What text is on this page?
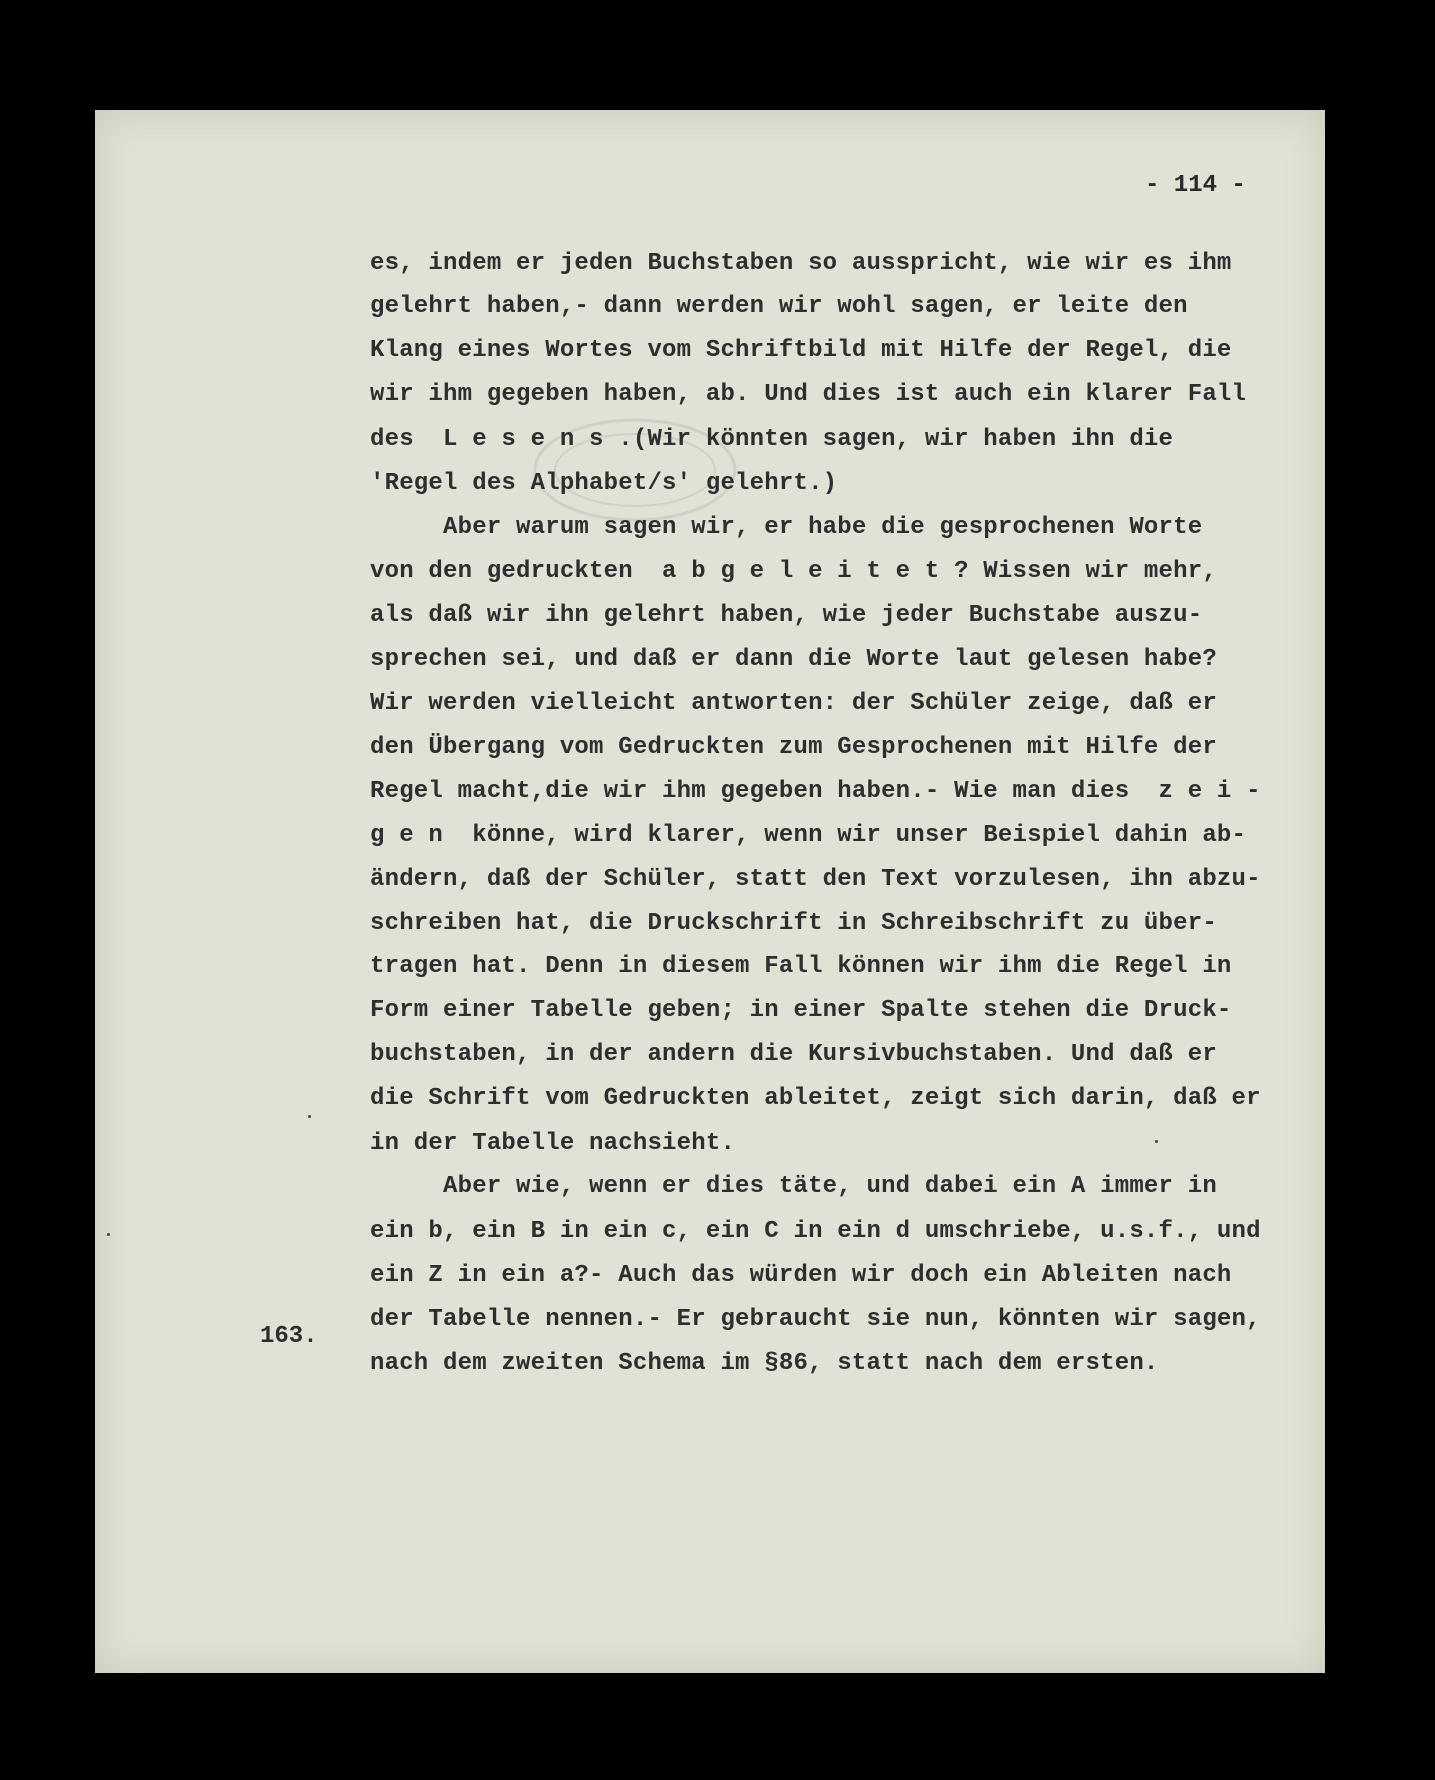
- 114 -
163.
es, indem er jeden Buchstaben so ausspricht, wie wir es ihm
gelehrt haben,- dann werden wir wohl sagen, er leite den
Klang eines Wortes vom Schriftbild mit Hilfe der Regel, die
wir ihm gegeben haben, ab. Und dies ist auch ein klarer Fall
des  L e s e n s .(Wir könnten sagen, wir haben ihn die
'Regel des Alphabet/s' gelehrt.)
Aber warum sagen wir, er habe die gesprochenen Worte
von den gedruckten  a b g e l e i t e t ? Wissen wir mehr,
als daß wir ihn gelehrt haben, wie jeder Buchstabe auszu-
sprechen sei, und daß er dann die Worte laut gelesen habe?
Wir werden vielleicht antworten: der Schüler zeige, daß er
den Übergang vom Gedruckten zum Gesprochenen mit Hilfe der
Regel macht,die wir ihm gegeben haben.- Wie man dies  z e i -
g e n  könne, wird klarer, wenn wir unser Beispiel dahin ab-
ändern, daß der Schüler, statt den Text vorzulesen, ihn abzu-
schreiben hat, die Druckschrift in Schreibschrift zu über-
tragen hat. Denn in diesem Fall können wir ihm die Regel in
Form einer Tabelle geben; in einer Spalte stehen die Druck-
buchstaben, in der andern die Kursivbuchstaben. Und daß er
die Schrift vom Gedruckten ableitet, zeigt sich darin, daß er
in der Tabelle nachsieht.
Aber wie, wenn er dies täte, und dabei ein A immer in
ein b, ein B in ein c, ein C in ein d umschriebe, u.s.f., und
ein Z in ein a?- Auch das würden wir doch ein Ableiten nach
der Tabelle nennen.- Er gebraucht sie nun, könnten wir sagen,
nach dem zweiten Schema im §86, statt nach dem ersten.
